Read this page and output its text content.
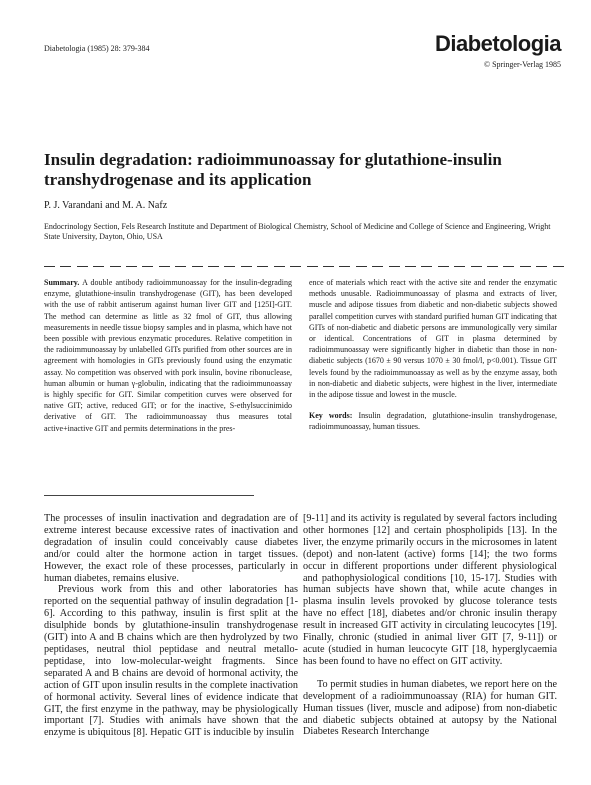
Diabetologia (1985) 28: 379-384	Diabetologia
© Springer-Verlag 1985
Insulin degradation: radioimmunoassay for glutathione-insulin transhydrogenase and its application
P. J. Varandani and M. A. Nafz
Endocrinology Section, Fels Research Institute and Department of Biological Chemistry, School of Medicine and College of Science and Engineering, Wright State University, Dayton, Ohio, USA
Summary. A double antibody radioimmunoassay for the insulin-degrading enzyme, glutathione-insulin transhydrogenase (GIT), has been developed with the use of rabbit antiserum against human liver GIT and [125I]-GIT. The method can determine as little as 32 fmol of GIT, thus allowing measurements in needle tissue biopsy samples and in plasma, which have not been possible with previous enzymatic procedures. Relative competition in the radioimmunoassay by unlabelled GITs purified from other sources are in agreement with homologies in GITs previously found using the enzymatic assay. No competition was observed with pork insulin, bovine ribonuclease, human albumin or human γ-globulin, indicating that the radioimmunoassay is highly specific for GIT. Similar competition curves were observed for native GIT; active, reduced GIT; or for the inactive, S-ethylsuccinimido derivative of GIT. The radioimmunoassay thus measures total active+inactive GIT and permits determinations in the pres-
ence of materials which react with the active site and render the enzymatic methods unusable. Radioimmunoassay of plasma and extracts of liver, muscle and adipose tissues from diabetic and non-diabetic subjects showed parallel competition curves with standard purified human GIT indicating that GITs of non-diabetic and diabetic persons are immunologically very similar or identical. Concentrations of GIT in plasma determined by radioimmunoassay were significantly higher in diabetic than those in non-diabetic subjects (1670 ± 90 versus 1070 ± 30 fmol/l, p<0.001). Tissue GIT levels found by the radioimmunoassay as well as by the enzyme assay, both in non-diabetic and diabetic subjects, were highest in the liver, intermediate in the adipose tissue and lowest in the muscle.
Key words: Insulin degradation, glutathione-insulin transhydrogenase, radioimmunoassay, human tissues.

The processes of insulin inactivation and degradation are of extreme interest because excessive rates of inactivation and degradation of insulin could conceivably cause diabetes and/or could alter the hormone action in target tissues. However, the exact role of these processes, particularly in human diabetes, remains elusive.

Previous work from this and other laboratories has reported on the sequential pathway of insulin degradation [1-6]. According to this pathway, insulin is first split at the disulphide bonds by glutathione-insulin transhydrogenase (GIT) into A and B chains which are then hydrolyzed by two peptidases, neutral thiol peptidase and neutral metallo-peptidase, into low-molecular-weight fragments. Since separated A and B chains are devoid of hormonal activity, the action of GIT upon insulin results in the complete inactivation of hormonal activity. Several lines of evidence indicate that GIT, the first enzyme in the pathway, may be physiologically important [7]. Studies with animals have shown that the enzyme is ubiquitous [8]. Hepatic GIT is inducible by insulin

[9-11] and its activity is regulated by several factors including other hormones [12] and certain phospholipids [13]. In the liver, the enzyme primarily occurs in the microsomes in latent (depot) and non-latent (active) forms [14]; the two forms occur in different proportions under different physiological and pathophysiological conditions [10, 15-17]. Studies with human subjects have shown that, while acute changes in plasma insulin levels provoked by glucose tolerance tests have no effect [18], diabetes and/or chronic insulin therapy result in increased GIT activity in circulating leucocytes [19]. Finally, chronic (studied in animal liver GIT [7, 9-11]) or acute (studied in human leucocyte GIT [18, hyperglycaemia has been found to have no effect on GIT activity.

To permit studies in human diabetes, we report here on the development of a radioimmunoassay (RIA) for human GIT. Human tissues (liver, muscle and adipose) from non-diabetic and diabetic subjects obtained at autopsy by the National Diabetes Research Interchange
